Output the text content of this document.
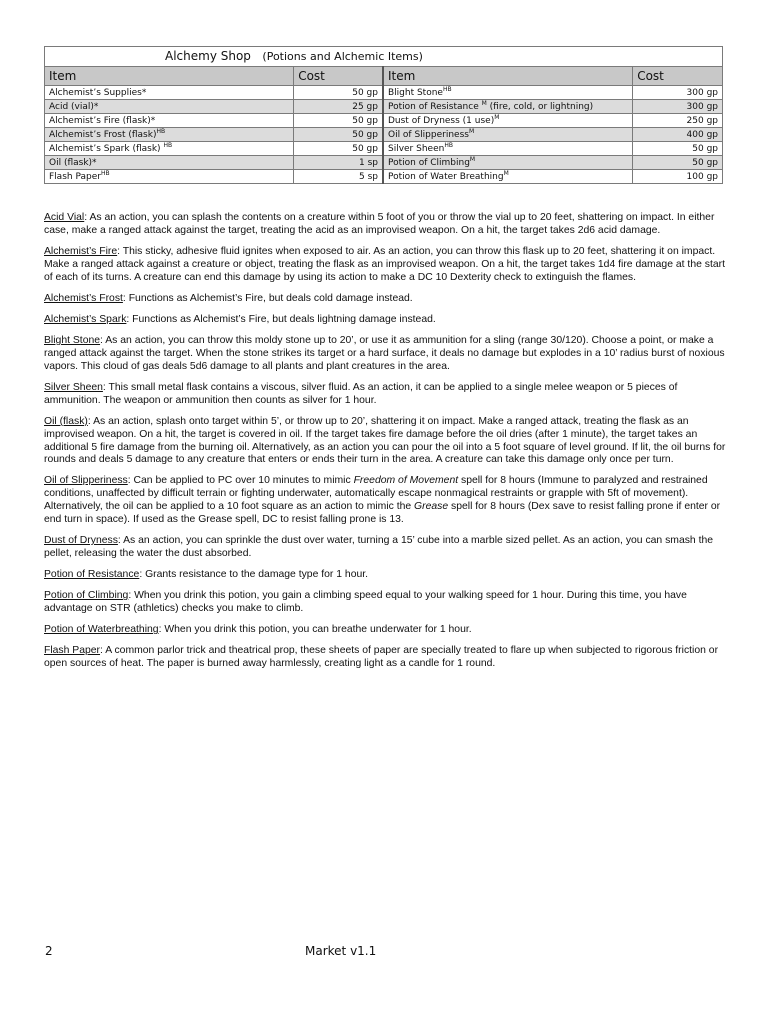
Alchemy Shop (Potions and Alchemic Items)			
Item	Cost	Item	Cost
Alchemist’s Supplies*	50 gp	Blight Stone$^{HB}$	300 gp
Acid (vial)*	25 gp	Potion of Resistance $^M$ (fire, cold, or lightning)	300 gp
Alchemist’s Fire (flask)*	50 gp	Dust of Dryness (1 use)$^M$	250 gp
Alchemist’s Frost (flask)$^{HB}$	50 gp	Oil of Slipperiness$^M$	400 gp
Alchemist’s Spark (flask) $^{HB}$	50 gp	Silver Sheen$^{HB}$	50 gp
Oil (flask)*	1 sp	Potion of Climbing$^M$	50 gp
Flash Paper$^{HB}$	5 sp	Potion of Water Breathing$^M$	100 gp

Acid Vial: As an action, you can splash the contents on a creature within 5 foot of you or throw the vial up to 20 feet, shattering on impact. In either case, make a ranged attack against the target, treating the acid as an improvised weapon. On a hit, the target takes 2d6 acid damage.

Alchemist’s Fire: This sticky, adhesive fluid ignites when exposed to air. As an action, you can throw this flask up to 20 feet, shattering it on impact. Make a ranged attack against a creature or object, treating the flask as an improvised weapon. On a hit, the target takes 1d4 fire damage at the start of each of its turns. A creature can end this damage by using its action to make a DC 10 Dexterity check to extinguish the flames.

Alchemist’s Frost: Functions as Alchemist’s Fire, but deals cold damage instead.

Alchemist’s Spark: Functions as Alchemist’s Fire, but deals lightning damage instead.

Blight Stone: As an action, you can throw this moldy stone up to 20’, or use it as ammunition for a sling (range 30/120). Choose a point, or make a ranged attack against the target. When the stone strikes its target or a hard surface, it deals no damage but explodes in a 10’ radius burst of noxious vapors. This cloud of gas deals 5d6 damage to all plants and plant creatures in the area.

Silver Sheen: This small metal flask contains a viscous, silver fluid. As an action, it can be applied to a single melee weapon or 5 pieces of ammunition. The weapon or ammunition then counts as silver for 1 hour.

Oil (flask): As an action, splash onto target within 5’, or throw up to 20’, shattering it on impact. Make a ranged attack, treating the flask as an improvised weapon. On a hit, the target is covered in oil. If the target takes fire damage before the oil dries (after 1 minute), the target takes an additional 5 fire damage from the burning oil. Alternatively, as an action you can pour the oil into a 5 foot square of level ground. If lit, the oil burns for rounds and deals 5 damage to any creature that enters or ends their turn in the area. A creature can take this damage only once per turn.

Oil of Slipperiness: Can be applied to PC over 10 minutes to mimic Freedom of Movement spell for 8 hours (Immune to paralyzed and restrained conditions, unaffected by difficult terrain or fighting underwater, automatically escape nonmagical restraints or grapple with 5ft of movement). Alternatively, the oil can be applied to a 10 foot square as an action to mimic the Grease spell for 8 hours (Dex save to resist falling prone if enter or end turn in space). If used as the Grease spell, DC to resist falling prone is 13.

Dust of Dryness: As an action, you can sprinkle the dust over water, turning a 15’ cube into a marble sized pellet. As an action, you can smash the pellet, releasing the water the dust absorbed.

Potion of Resistance: Grants resistance to the damage type for 1 hour.

Potion of Climbing: When you drink this potion, you gain a climbing speed equal to your walking speed for 1 hour. During this time, you have advantage on STR (athletics) checks you make to climb.

Potion of Waterbreathing: When you drink this potion, you can breathe underwater for 1 hour.

Flash Paper: A common parlor trick and theatrical prop, these sheets of paper are specially treated to flare up when subjected to rigorous friction or open sources of heat. The paper is burned away harmlessly, creating light as a candle for 1 round.

2	Market v1.1
